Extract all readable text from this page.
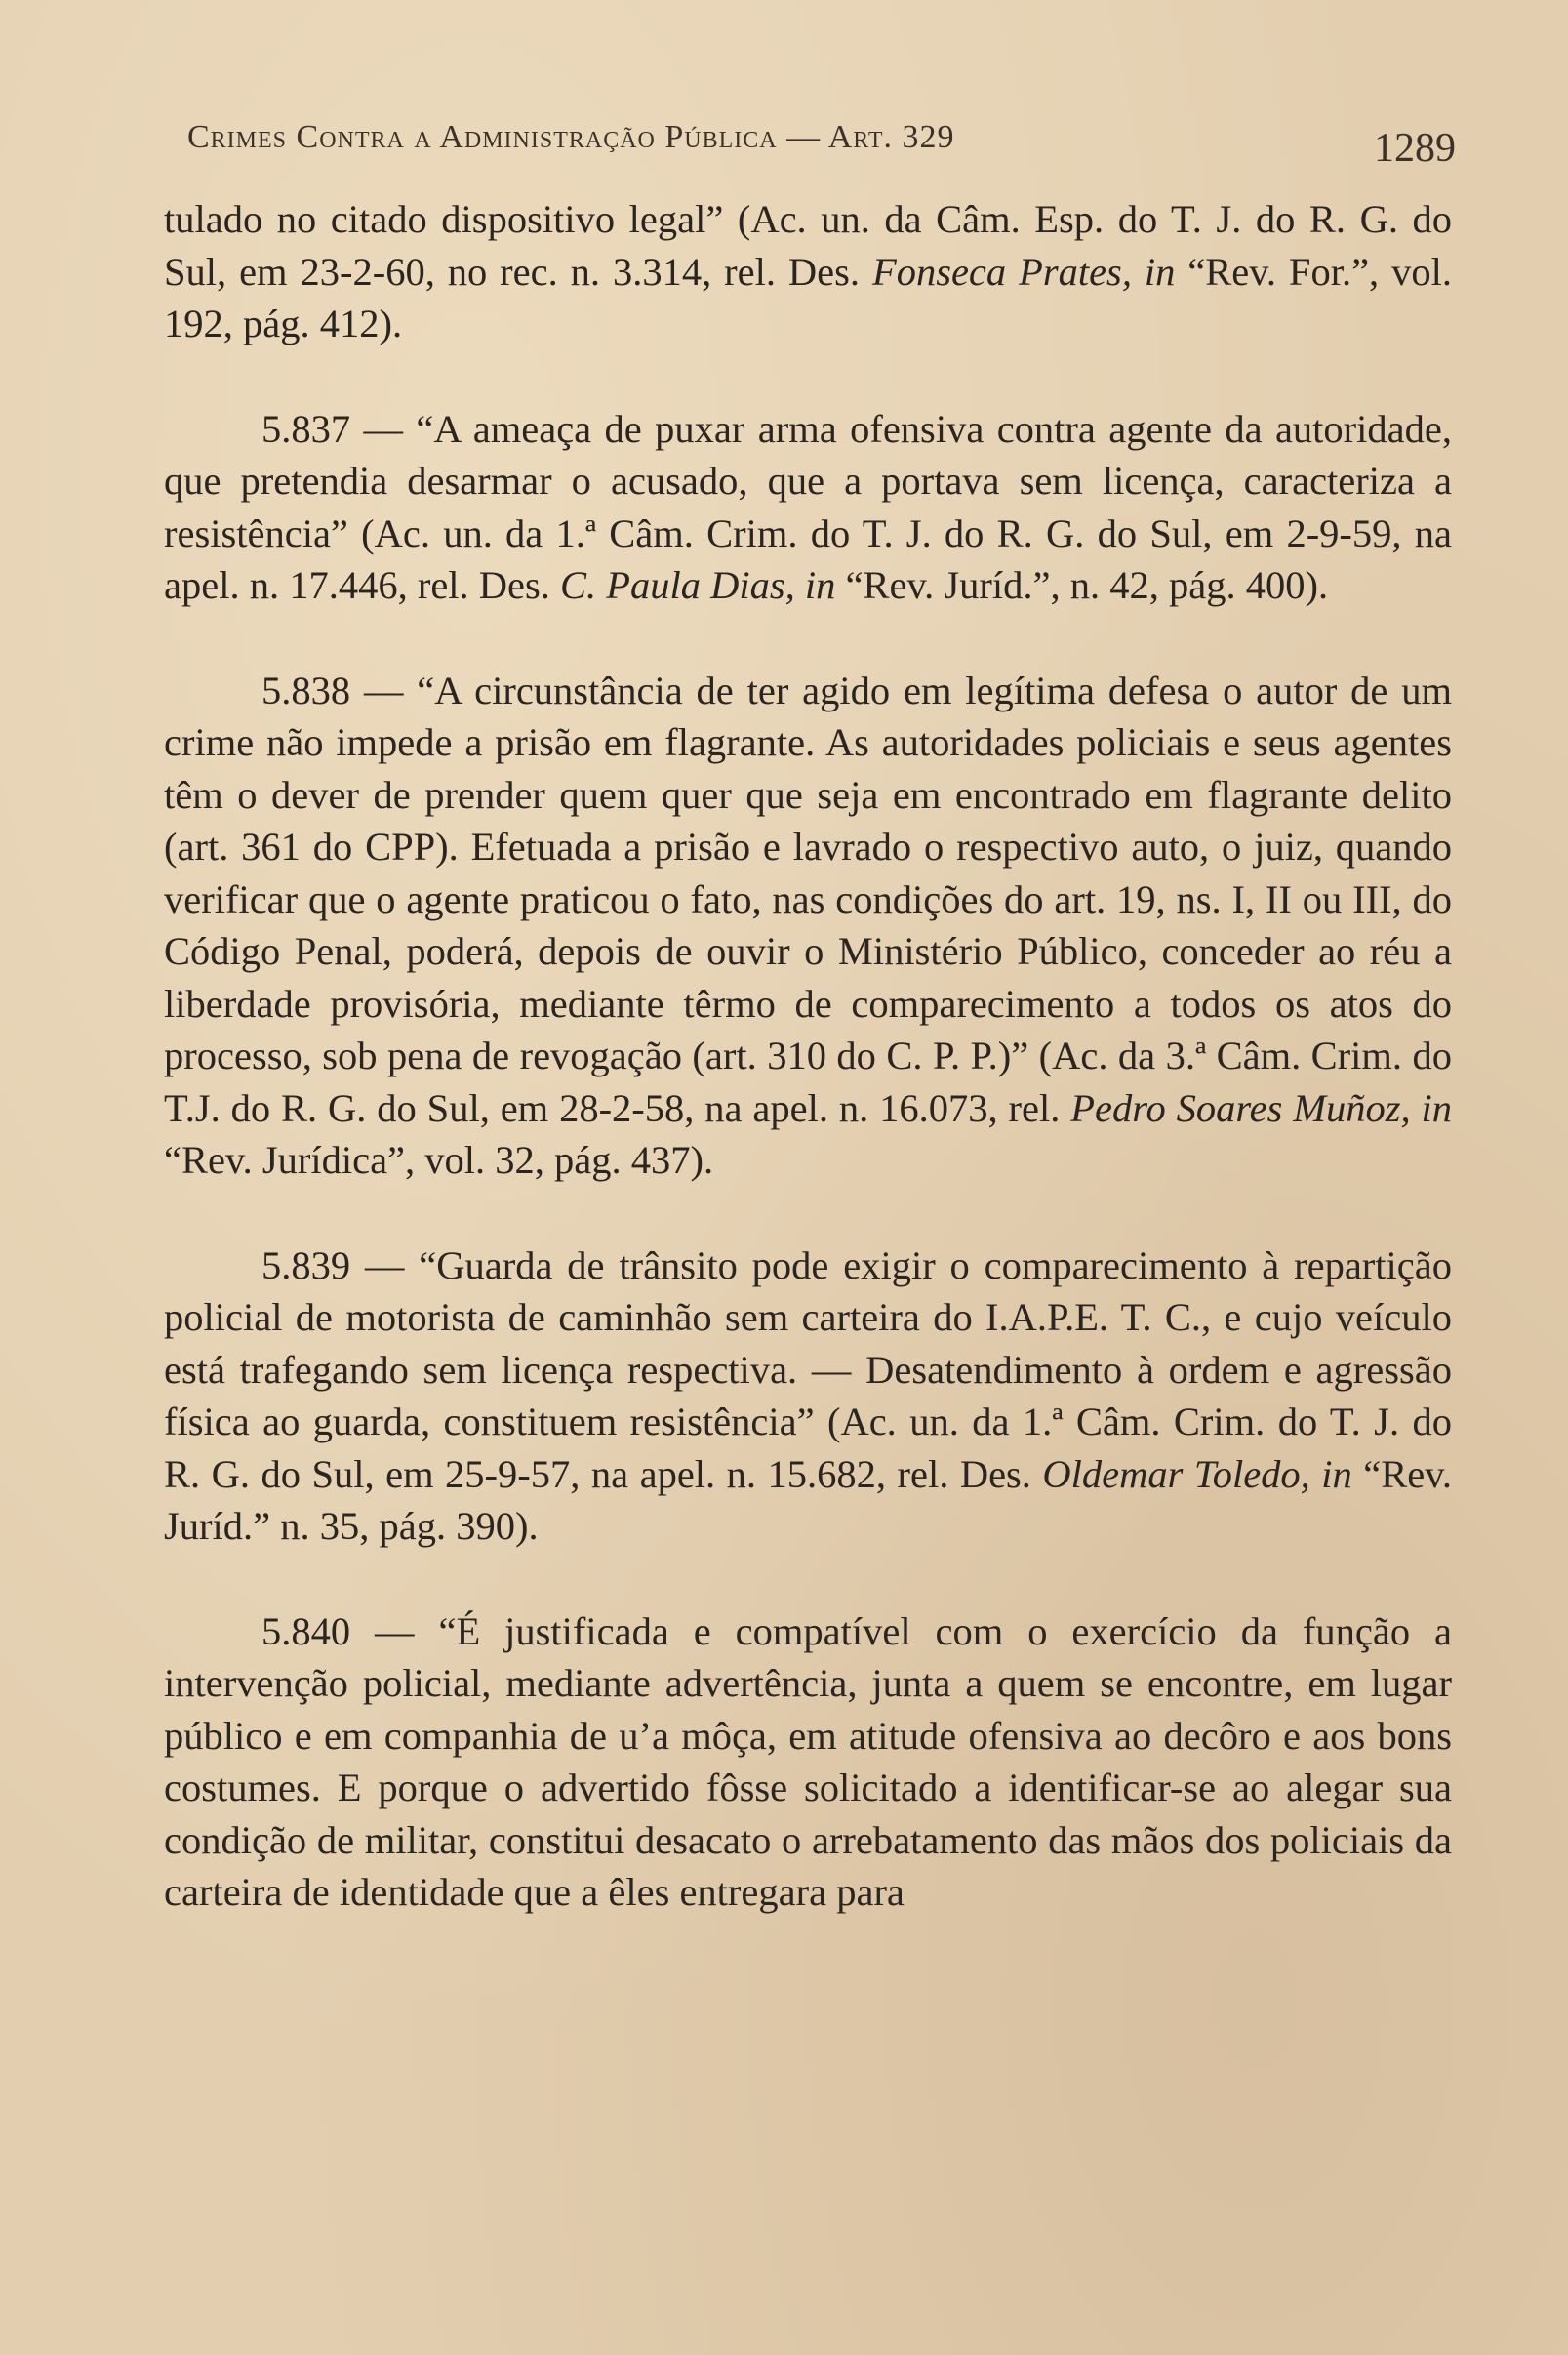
Crimes Contra a Administração Pública — Art. 329	1289

tulado no citado dispositivo legal” (Ac. un. da Câm. Esp. do T. J. do R. G. do Sul, em 23-2-60, no rec. n. 3.314, rel. Des. Fonseca Prates, in “Rev. For.”, vol. 192, pág. 412).

5.837 — “A ameaça de puxar arma ofensiva contra agente da autoridade, que pretendia desarmar o acusado, que a portava sem licença, caracteriza a resistência” (Ac. un. da 1.ª Câm. Crim. do T. J. do R. G. do Sul, em 2-9-59, na apel. n. 17.446, rel. Des. C. Paula Dias, in “Rev. Juríd.”, n. 42, pág. 400).

5.838 — “A circunstância de ter agido em legítima defesa o autor de um crime não impede a prisão em flagrante. As autoridades policiais e seus agentes têm o dever de prender quem quer que seja em encontrado em flagrante delito (art. 361 do CPP). Efetuada a prisão e lavrado o respectivo auto, o juiz, quando verificar que o agente praticou o fato, nas condições do art. 19, ns. I, II ou III, do Código Penal, poderá, depois de ouvir o Ministério Público, conceder ao réu a liberdade provisória, mediante têrmo de comparecimento a todos os atos do processo, sob pena de revogação (art. 310 do C. P. P.)” (Ac. da 3.ª Câm. Crim. do T.J. do R. G. do Sul, em 28-2-58, na apel. n. 16.073, rel. Pedro Soares Muñoz, in “Rev. Jurídica”, vol. 32, pág. 437).

5.839 — “Guarda de trânsito pode exigir o comparecimento à repartição policial de motorista de caminhão sem carteira do I.A.P.E. T. C., e cujo veículo está trafegando sem licença respectiva. — Desatendimento à ordem e agressão física ao guarda, constituem resistência” (Ac. un. da 1.ª Câm. Crim. do T. J. do R. G. do Sul, em 25-9-57, na apel. n. 15.682, rel. Des. Oldemar Toledo, in “Rev. Juríd.” n. 35, pág. 390).

5.840 — “É justificada e compatível com o exercício da função a intervenção policial, mediante advertência, junta a quem se encontre, em lugar público e em companhia de u’a môça, em atitude ofensiva ao decôro e aos bons costumes. E porque o advertido fôsse solicitado a identificar-se ao alegar sua condição de militar, constitui desacato o arrebatamento das mãos dos policiais da carteira de identidade que a êles entregara para
